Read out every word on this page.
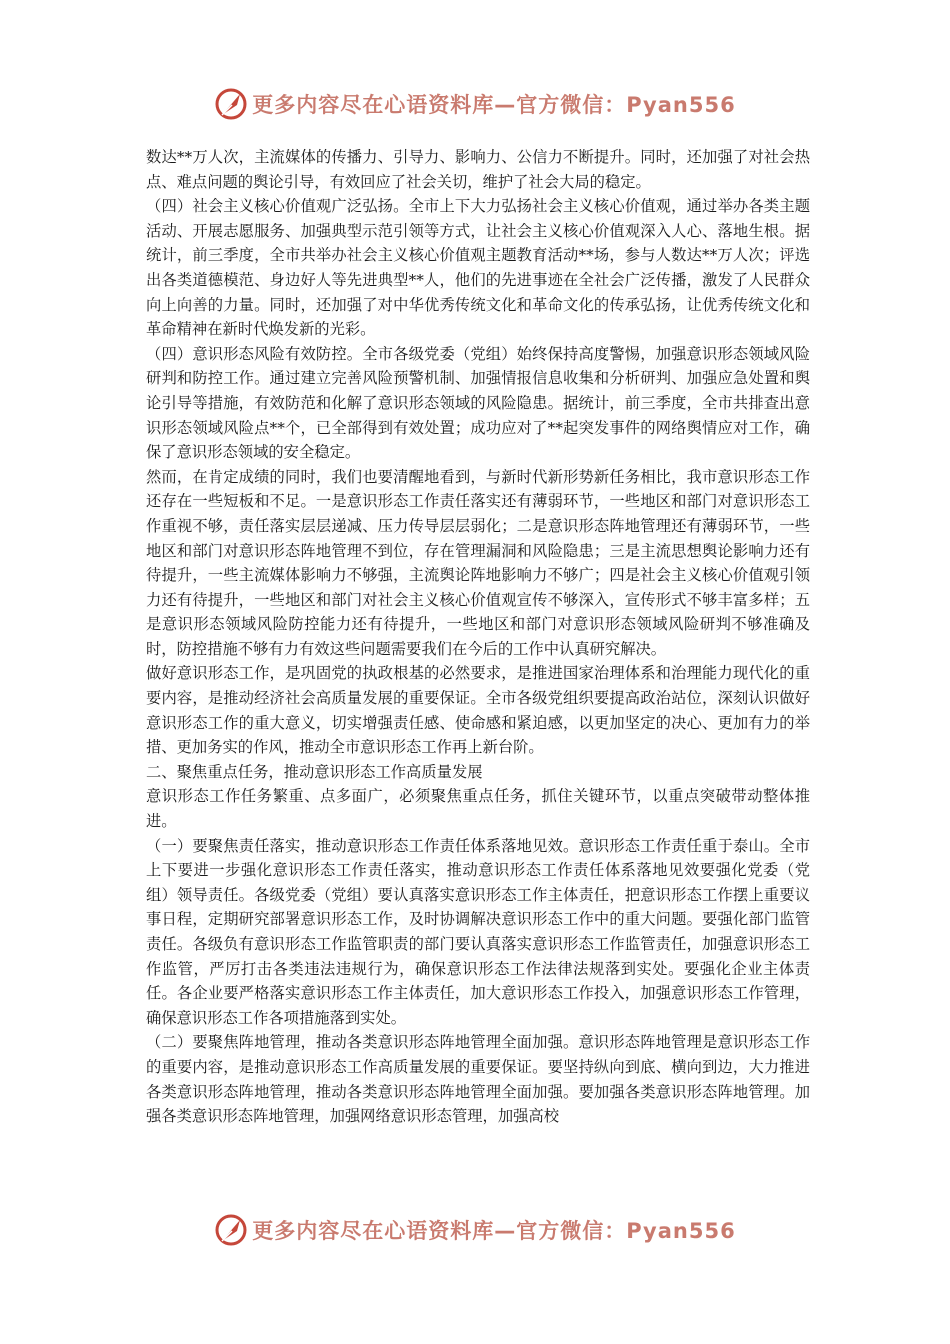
更多内容尽在心语资料库—官方微信：Pyan556

数达**万人次，主流媒体的传播力、引导力、影响力、公信力不断提升。同时，还加强了对社会热点、难点问题的舆论引导，有效回应了社会关切，维护了社会大局的稳定。

（四）社会主义核心价值观广泛弘扬。全市上下大力弘扬社会主义核心价值观，通过举办各类主题活动、开展志愿服务、加强典型示范引领等方式，让社会主义核心价值观深入人心、落地生根。据统计，前三季度，全市共举办社会主义核心价值观主题教育活动**场，参与人数达**万人次；评选出各类道德模范、身边好人等先进典型**人，他们的先进事迹在全社会广泛传播，激发了人民群众向上向善的力量。同时，还加强了对中华优秀传统文化和革命文化的传承弘扬，让优秀传统文化和革命精神在新时代焕发新的光彩。

（四）意识形态风险有效防控。全市各级党委（党组）始终保持高度警惕，加强意识形态领域风险研判和防控工作。通过建立完善风险预警机制、加强情报信息收集和分析研判、加强应急处置和舆论引导等措施，有效防范和化解了意识形态领域的风险隐患。据统计，前三季度，全市共排查出意识形态领域风险点**个，已全部得到有效处置；成功应对了**起突发事件的网络舆情应对工作，确保了意识形态领域的安全稳定。

然而，在肯定成绩的同时，我们也要清醒地看到，与新时代新形势新任务相比，我市意识形态工作还存在一些短板和不足。一是意识形态工作责任落实还有薄弱环节，一些地区和部门对意识形态工作重视不够，责任落实层层递减、压力传导层层弱化；二是意识形态阵地管理还有薄弱环节，一些地区和部门对意识形态阵地管理不到位，存在管理漏洞和风险隐患；三是主流思想舆论影响力还有待提升，一些主流媒体影响力不够强，主流舆论阵地影响力不够广；四是社会主义核心价值观引领力还有待提升，一些地区和部门对社会主义核心价值观宣传不够深入，宣传形式不够丰富多样；五是意识形态领域风险防控能力还有待提升，一些地区和部门对意识形态领域风险研判不够准确及时，防控措施不够有力有效这些问题需要我们在今后的工作中认真研究解决。

做好意识形态工作，是巩固党的执政根基的必然要求，是推进国家治理体系和治理能力现代化的重要内容，是推动经济社会高质量发展的重要保证。全市各级党组织要提高政治站位，深刻认识做好意识形态工作的重大意义，切实增强责任感、使命感和紧迫感，以更加坚定的决心、更加有力的举措、更加务实的作风，推动全市意识形态工作再上新台阶。

二、聚焦重点任务，推动意识形态工作高质量发展

意识形态工作任务繁重、点多面广，必须聚焦重点任务，抓住关键环节，以重点突破带动整体推进。

（一）要聚焦责任落实，推动意识形态工作责任体系落地见效。意识形态工作责任重于泰山。全市上下要进一步强化意识形态工作责任落实，推动意识形态工作责任体系落地见效要强化党委（党组）领导责任。各级党委（党组）要认真落实意识形态工作主体责任，把意识形态工作摆上重要议事日程，定期研究部署意识形态工作，及时协调解决意识形态工作中的重大问题。要强化部门监管责任。各级负有意识形态工作监管职责的部门要认真落实意识形态工作监管责任，加强意识形态工作监管，严厉打击各类违法违规行为，确保意识形态工作法律法规落到实处。要强化企业主体责任。各企业要严格落实意识形态工作主体责任，加大意识形态工作投入，加强意识形态工作管理，确保意识形态工作各项措施落到实处。

（二）要聚焦阵地管理，推动各类意识形态阵地管理全面加强。意识形态阵地管理是意识形态工作的重要内容，是推动意识形态工作高质量发展的重要保证。要坚持纵向到底、横向到边，大力推进各类意识形态阵地管理，推动各类意识形态阵地管理全面加强。要加强各类意识形态阵地管理。加强各类意识形态阵地管理，加强网络意识形态管理，加强高校

更多内容尽在心语资料库—官方微信：Pyan556
